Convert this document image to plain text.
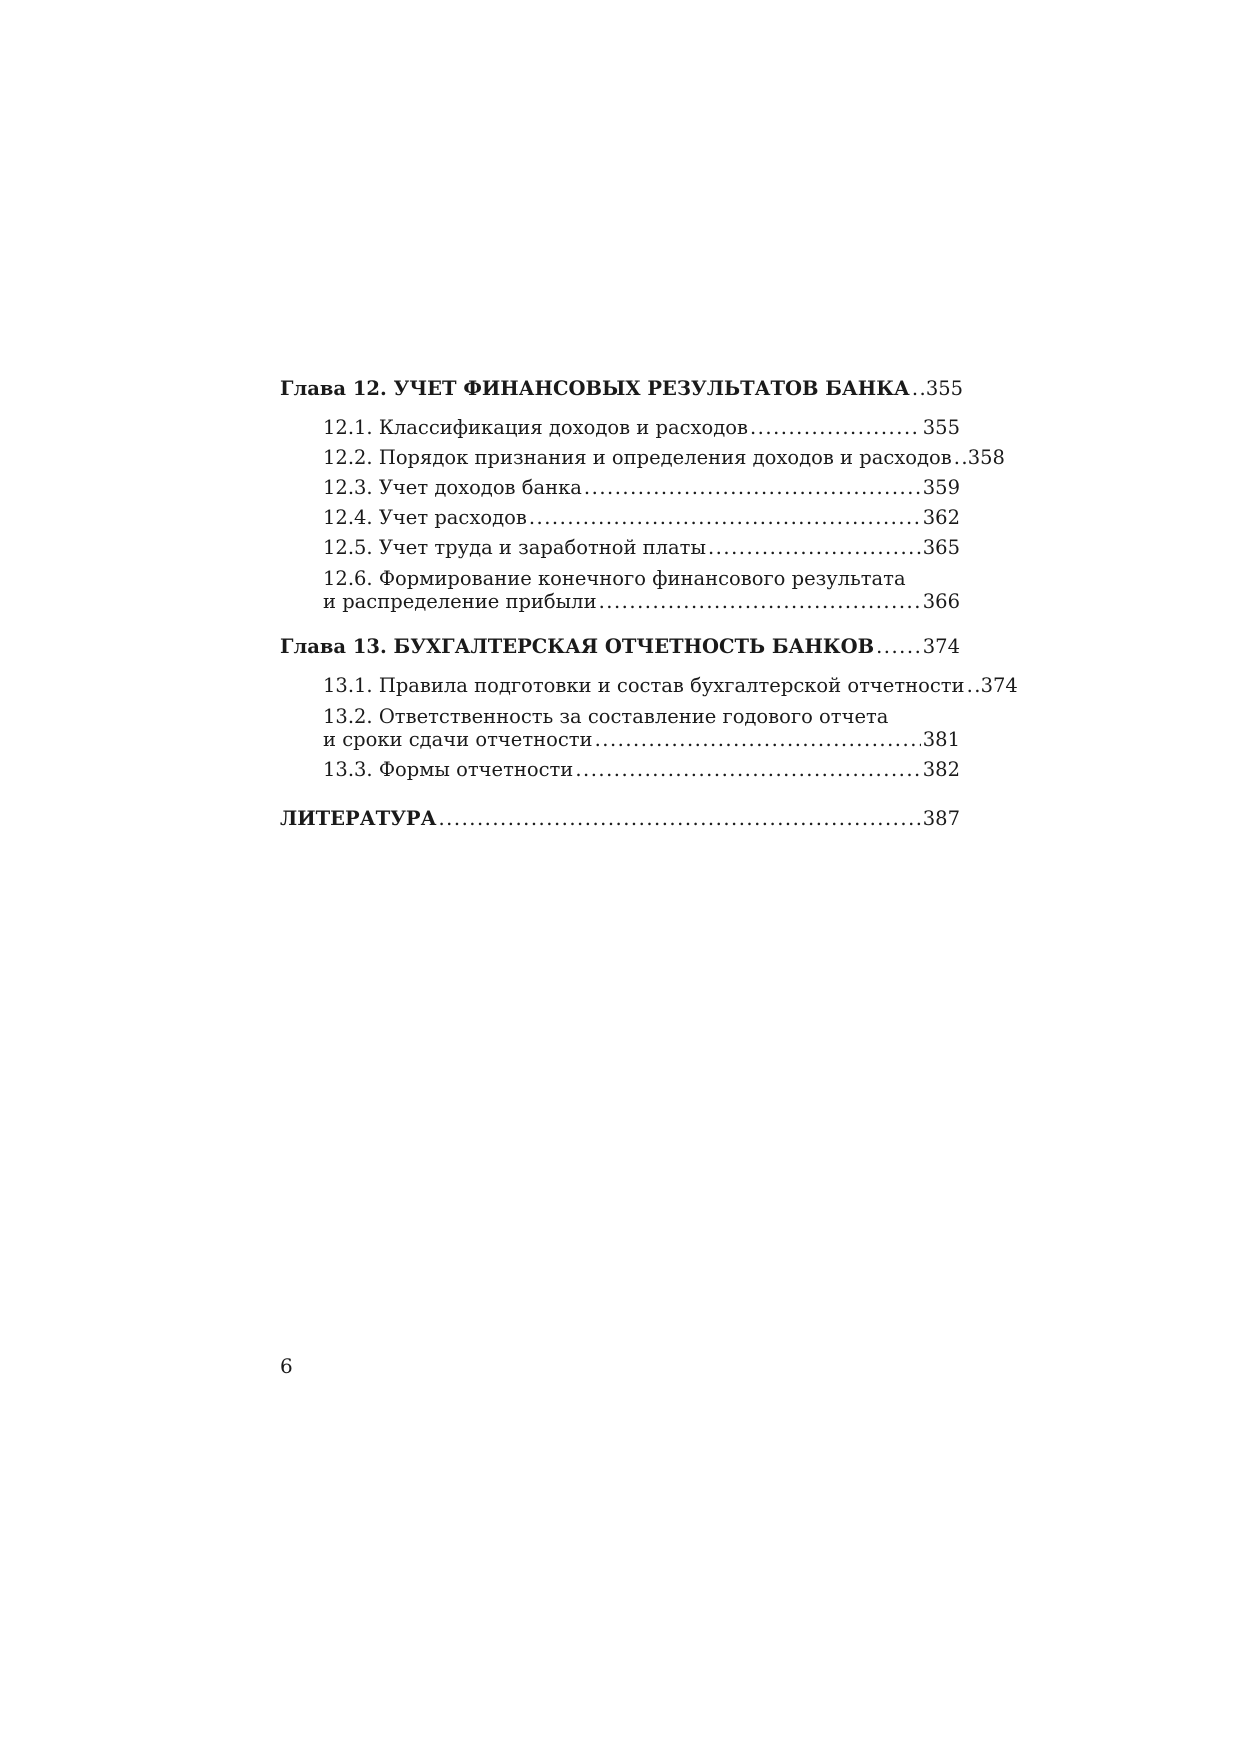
Глава 12. УЧЕТ ФИНАНСОВЫХ РЕЗУЛЬТАТОВ БАНКА ..... 355
12.1. Классификация доходов и расходов .....	355
12.2. Порядок признания и определения доходов и расходов ..... 358
12.3. Учет доходов банка .....	359
12.4. Учет расходов .....	362
12.5. Учет труда и заработной платы .....	365
12.6. Формирование конечного финансового результата
и распределение прибыли .....	366
Глава 13. БУХГАЛТЕРСКАЯ ОТЧЕТНОСТЬ БАНКОВ ..... 374
13.1. Правила подготовки и состав бухгалтерской отчетности ..... 374
13.2. Ответственность за составление годового отчета
и сроки сдачи отчетности .....	381
13.3. Формы отчетности .....	382
ЛИТЕРАТУРА .....	387
6
